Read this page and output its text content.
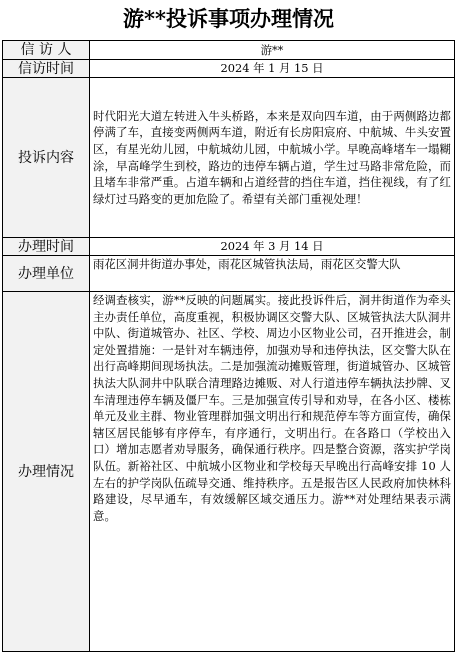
游**投诉事项办理情况
信 访 人	游**
信访时间	2024 年 1 月 15 日
投诉内容	时代阳光大道左转进入牛头桥路，本来是双向四车道，由于两侧路边都停满了车，直接变两侧两车道，附近有长房阳宸府、中航城、牛头安置区，有星光幼儿园，中航城幼儿园，中航城小学。早晚高峰堵车一塌糊涂，早高峰学生到校，路边的违停车辆占道，学生过马路非常危险，而且堵车非常严重。占道车辆和占道经营的挡住车道，挡住视线，有了红绿灯过马路变的更加危险了。希望有关部门重视处理！
办理时间	2024 年 3 月 14 日
办理单位	雨花区洞井街道办事处，雨花区城管执法局，雨花区交警大队
办理情况	经调查核实，游**反映的问题属实。接此投诉件后，洞井街道作为牵头主办责任单位，高度重视，积极协调区交警大队、区城管执法大队洞井中队、街道城管办、社区、学校、周边小区物业公司，召开推进会，制定处置措施：一是针对车辆违停，加强劝导和违停执法，区交警大队在出行高峰期间现场执法。二是加强流动摊贩管理，街道城管办、区城管执法大队洞井中队联合清理路边摊贩、对人行道违停车辆执法抄牌、叉车清理违停车辆及僵尸车。三是加强宣传引导和劝导，在各小区、楼栋单元及业主群、物业管理群加强文明出行和规范停车等方面宣传，确保辖区居民能够有序停车，有序通行，文明出行。在各路口（学校出入口）增加志愿者劝导服务，确保通行秩序。四是整合资源，落实护学岗队伍。新裕社区、中航城小区物业和学校每天早晚出行高峰安排 10 人左右的护学岗队伍疏导交通、维持秩序。五是报告区人民政府加快林科路建设，尽早通车，有效缓解区域交通压力。游**对处理结果表示满意。
